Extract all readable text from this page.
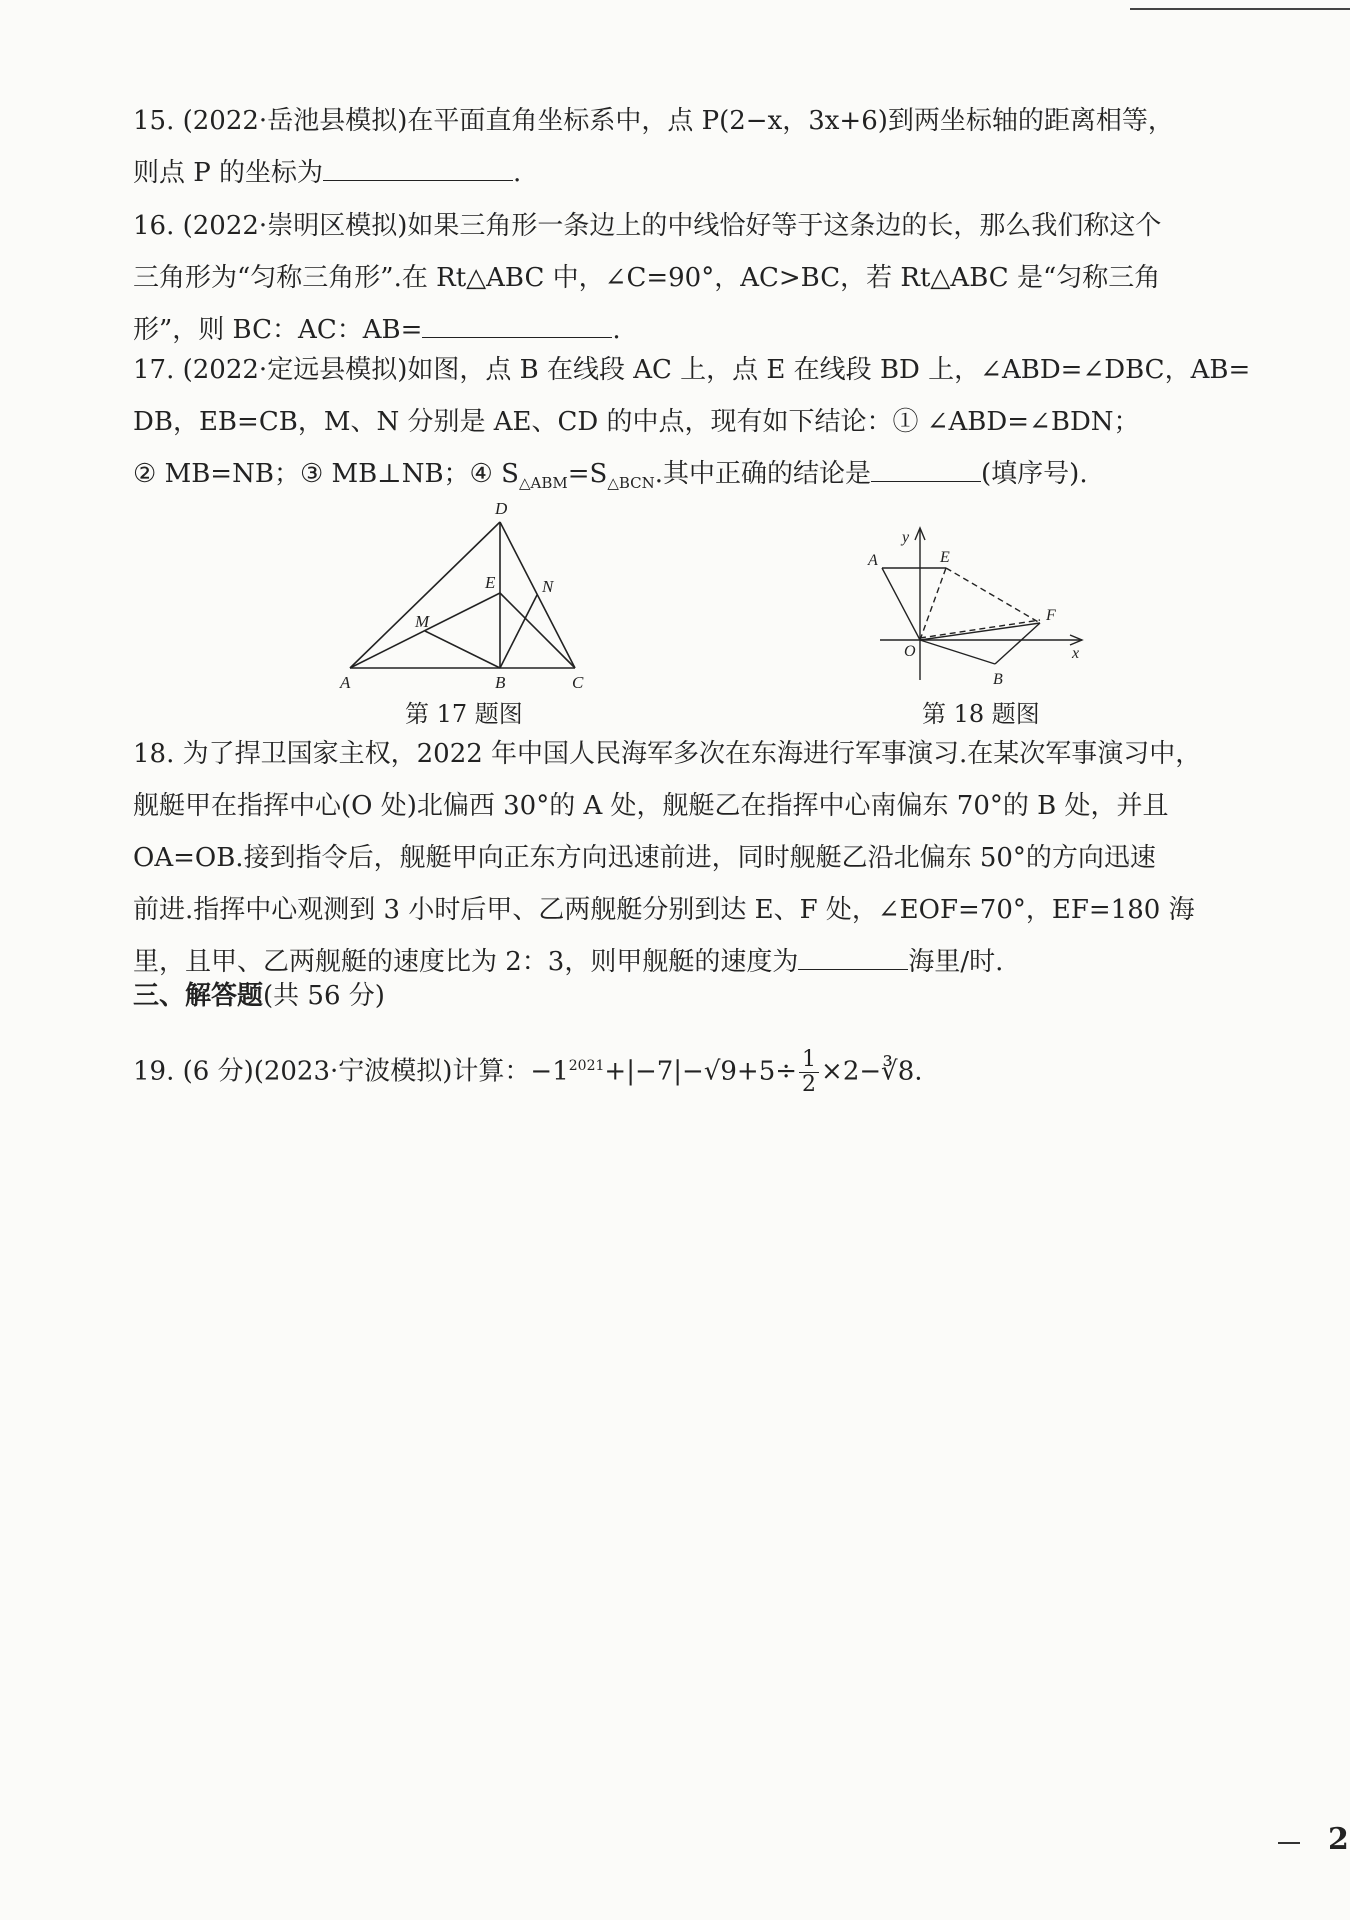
15. (2022·岳池县模拟)在平面直角坐标系中，点 P(2−x，3x+6)到两坐标轴的距离相等，

则点 P 的坐标为	.

16. (2022·崇明区模拟)如果三角形一条边上的中线恰好等于这条边的长，那么我们称这个

三角形为“匀称三角形”.在 Rt△ABC 中，∠C=90°，AC>BC，若 Rt△ABC 是“匀称三角

形”，则 BC：AC：AB=	.

17. (2022·定远县模拟)如图，点 B 在线段 AC 上，点 E 在线段 BD 上，∠ABD=∠DBC，AB=

DB，EB=CB，M、N 分别是 AE、CD 的中点，现有如下结论：① ∠ABD=∠BDN；

② MB=NB；③ MB⊥NB；④ $S_{\triangle ABM}=S_{\triangle BCN}$.其中正确的结论是	(填序号).

D
E	N
M
A	B	C
第 17 题图
y
x
O
A	E
F
B
第 18 题图

18. 为了捍卫国家主权，2022 年中国人民海军多次在东海进行军事演习.在某次军事演习中，

舰艇甲在指挥中心(O 处)北偏西 30°的 A 处，舰艇乙在指挥中心南偏东 70°的 B 处，并且

OA=OB.接到指令后，舰艇甲向正东方向迅速前进，同时舰艇乙沿北偏东 50°的方向迅速

前进.指挥中心观测到 3 小时后甲、乙两舰艇分别到达 E、F 处，∠EOF=70°，EF=180 海

里，且甲、乙两舰艇的速度比为 2：3，则甲舰艇的速度为	海里/时.

三、解答题(共 56 分)

19. (6 分)(2023·宁波模拟)计算：$-1^{2021}+|-7|-√9+5\div \frac{1}{2}$ ×2−∛8.

2
